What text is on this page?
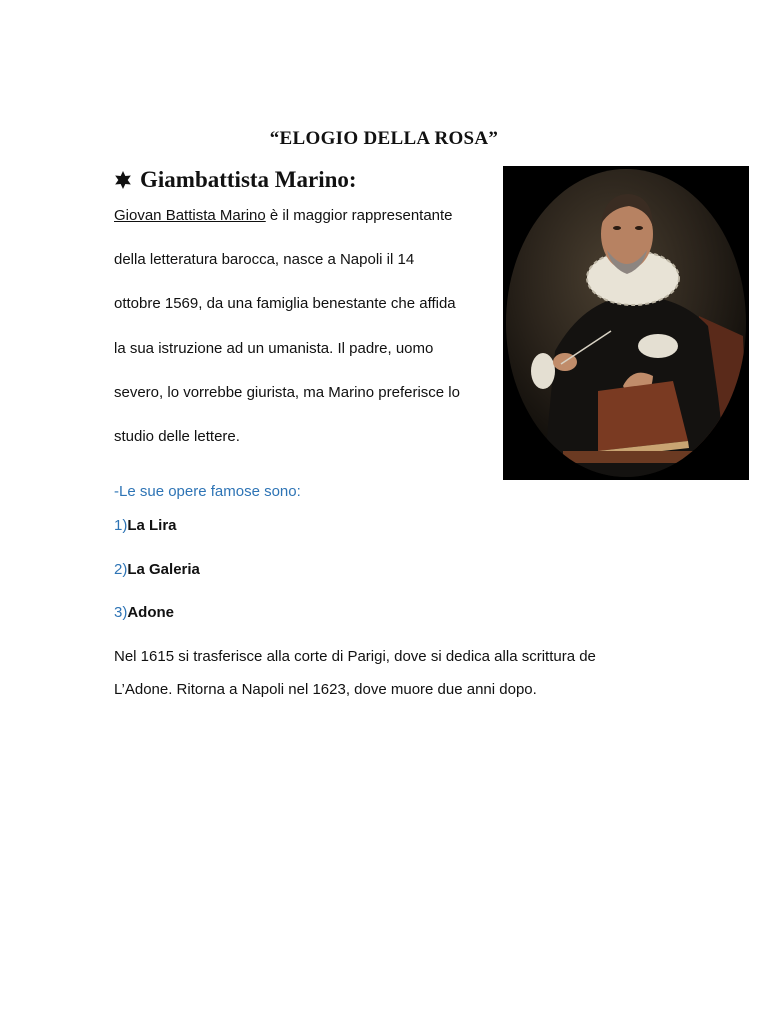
“ELOGIO DELLA ROSA”
Giambattista Marino:
Giovan Battista Marino è il maggior rappresentante
della letteratura barocca, nasce a Napoli il 14
ottobre 1569, da una famiglia benestante che affida
la sua istruzione ad un umanista. Il padre, uomo
severo, lo vorrebbe giurista, ma Marino preferisce lo
studio delle lettere.
-Le sue opere famose sono:
1)La Lira
2)La Galeria
3)Adone
Nel 1615 si trasferisce alla corte di Parigi, dove si dedica alla scrittura de
L’Adone. Ritorna a Napoli nel 1623, dove muore due anni dopo.
